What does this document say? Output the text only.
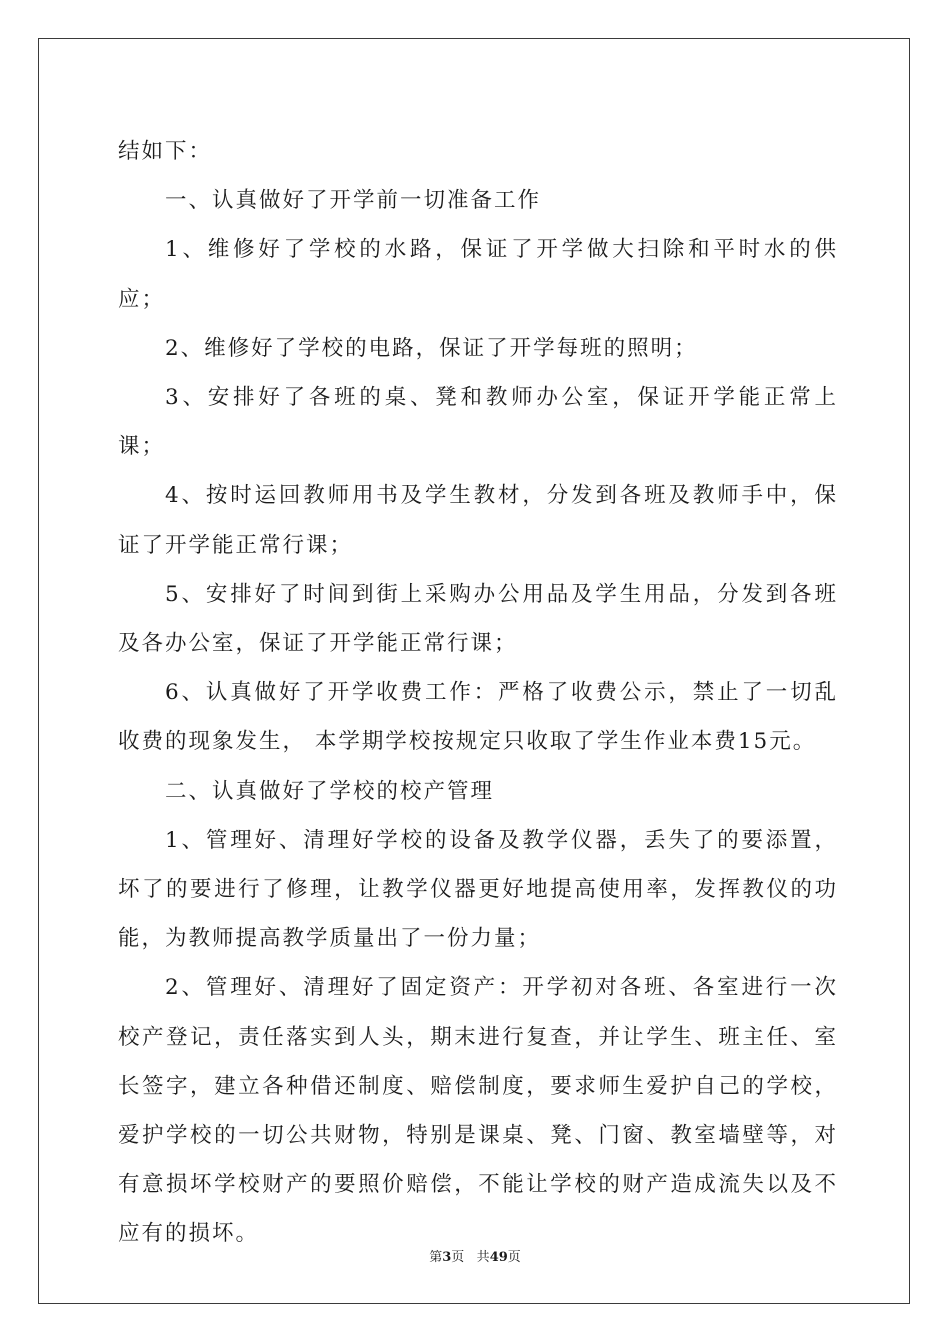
结如下：

一、认真做好了开学前一切准备工作

1、维修好了学校的水路，保证了开学做大扫除和平时水的供应；

2、维修好了学校的电路，保证了开学每班的照明；

3、安排好了各班的桌、凳和教师办公室，保证开学能正常上课；

4、按时运回教师用书及学生教材，分发到各班及教师手中，保证了开学能正常行课；

5、安排好了时间到街上采购办公用品及学生用品，分发到各班及各办公室，保证了开学能正常行课；

6、认真做好了开学收费工作：严格了收费公示，禁止了一切乱收费的现象发生， 本学期学校按规定只收取了学生作业本费15元。

二、认真做好了学校的校产管理

1、管理好、清理好学校的设备及教学仪器，丢失了的要添置，坏了的要进行了修理，让教学仪器更好地提高使用率，发挥教仪的功能，为教师提高教学质量出了一份力量；

2、管理好、清理好了固定资产：开学初对各班、各室进行一次校产登记，责任落实到人头，期末进行复查，并让学生、班主任、室长签字，建立各种借还制度、赔偿制度，要求师生爱护自己的学校，爱护学校的一切公共财物，特别是课桌、凳、门窗、教室墙壁等，对有意损坏学校财产的要照价赔偿，不能让学校的财产造成流失以及不应有的损坏。

第3页 共49页
